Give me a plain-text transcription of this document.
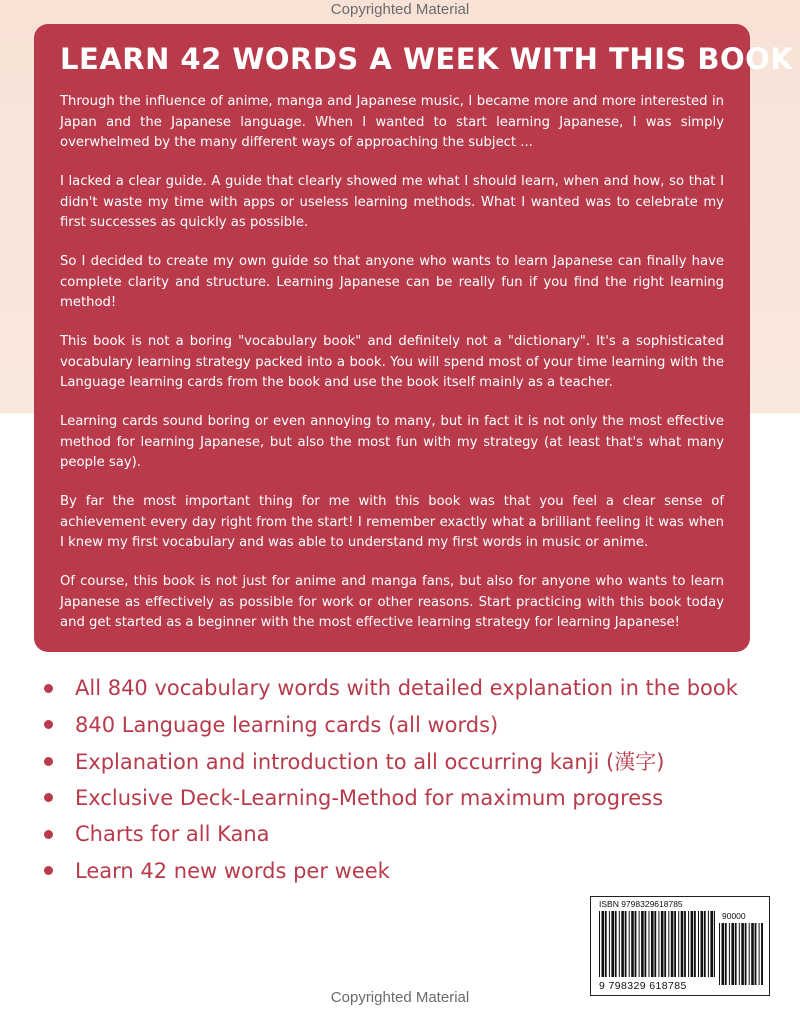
Copyrighted Material
LEARN 42 WORDS A WEEK WITH THIS BOOK

Through the influence of anime, manga and Japanese music, I became more and more interested in Japan and the Japanese language. When I wanted to start learning Japanese, I was simply overwhelmed by the many different ways of approaching the subject ...

I lacked a clear guide. A guide that clearly showed me what I should learn, when and how, so that I didn't waste my time with apps or useless learning methods. What I wanted was to celebrate my first successes as quickly as possible.

So I decided to create my own guide so that anyone who wants to learn Japanese can finally have complete clarity and structure. Learning Japanese can be really fun if you find the right learning method!

This book is not a boring "vocabulary book" and definitely not a "dictionary". It's a sophisticated vocabulary learning strategy packed into a book. You will spend most of your time learning with the Language learning cards from the book and use the book itself mainly as a teacher.

Learning cards sound boring or even annoying to many, but in fact it is not only the most effective method for learning Japanese, but also the most fun with my strategy (at least that's what many people say).

By far the most important thing for me with this book was that you feel a clear sense of achievement every day right from the start! I remember exactly what a brilliant feeling it was when I knew my first vocabulary and was able to understand my first words in music or anime.

Of course, this book is not just for anime and manga fans, but also for anyone who wants to learn Japanese as effectively as possible for work or other reasons. Start practicing with this book today and get started as a beginner with the most effective learning strategy for learning Japanese!

All 840 vocabulary words with detailed explanation in the book
840 Language learning cards (all words)
Explanation and introduction to all occurring kanji (漢字)
Exclusive Deck-Learning-Method for maximum progress
Charts for all Kana
Learn 42 new words per week
ISBN 9798329618785
90000
9 798329 618785
Copyrighted Material
